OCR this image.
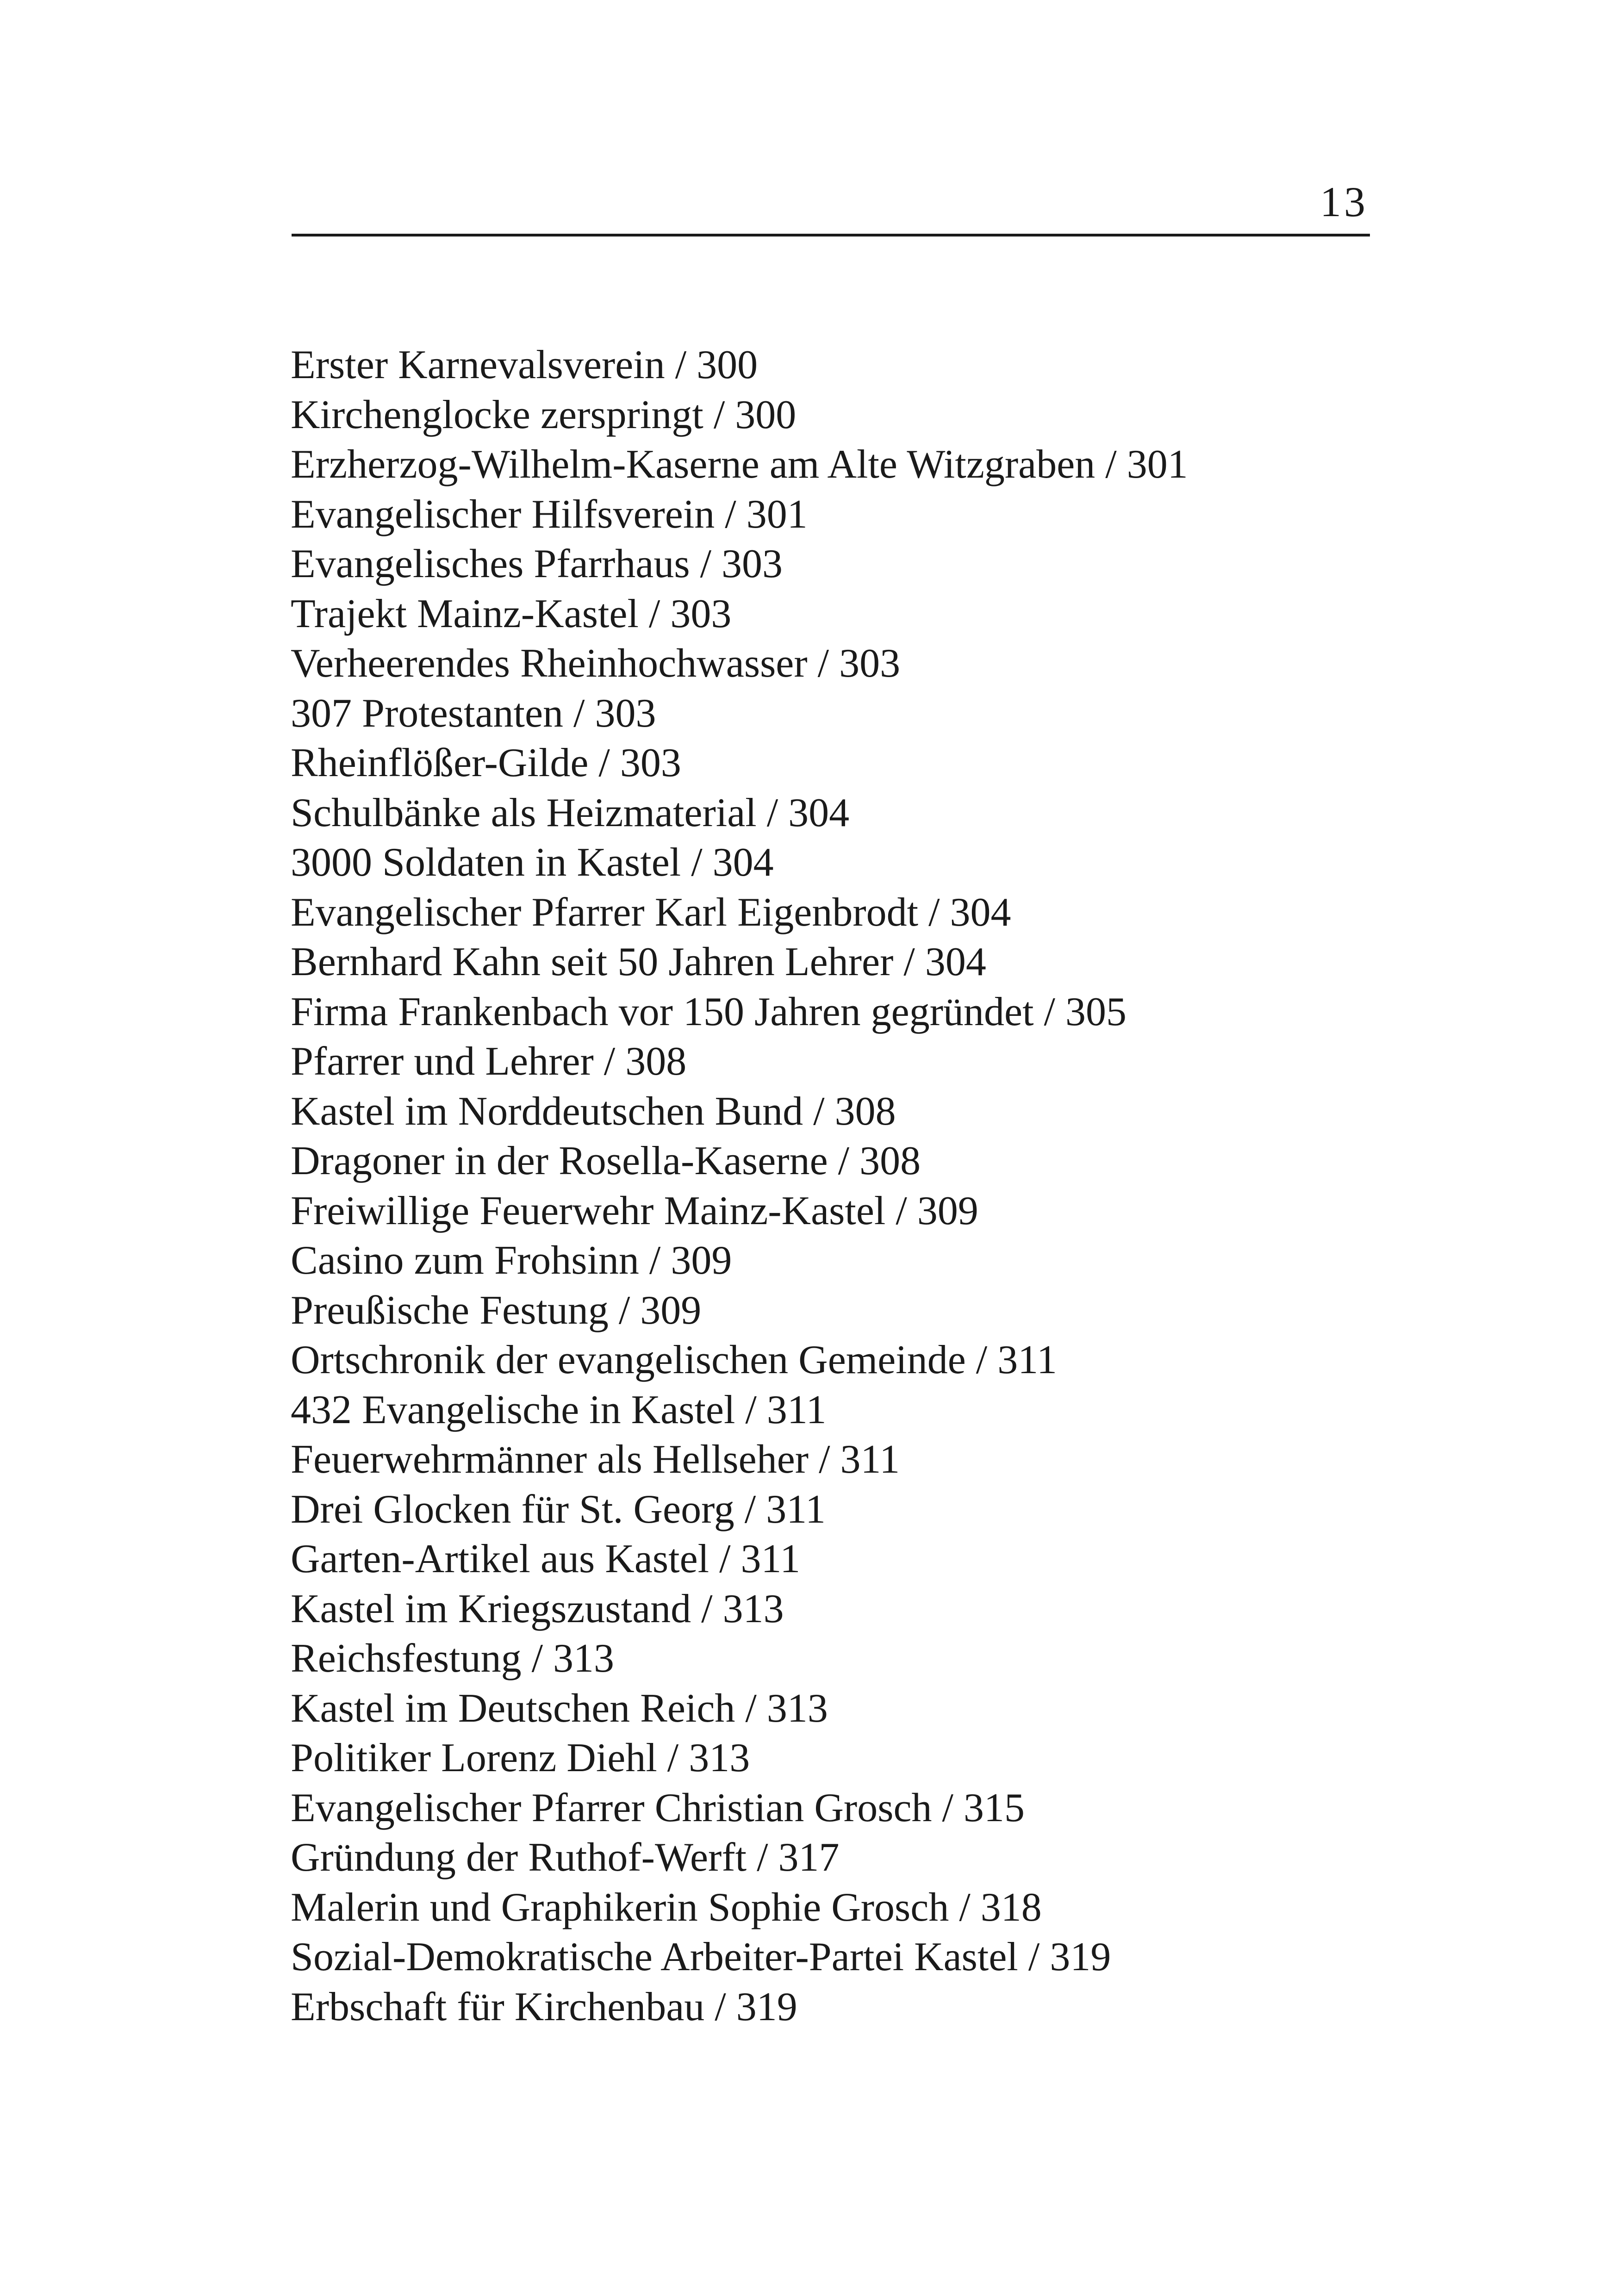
13
Erster Karnevalsverein / 300
Kirchenglocke zerspringt / 300
Erzherzog-Wilhelm-Kaserne am Alte Witzgraben / 301
Evangelischer Hilfsverein / 301
Evangelisches Pfarrhaus / 303
Trajekt Mainz-Kastel / 303
Verheerendes Rheinhochwasser / 303
307 Protestanten / 303
Rheinflößer-Gilde / 303
Schulbänke als Heizmaterial / 304
3000 Soldaten in Kastel / 304
Evangelischer Pfarrer Karl Eigenbrodt / 304
Bernhard Kahn seit 50 Jahren Lehrer / 304
Firma Frankenbach vor 150 Jahren gegründet / 305
Pfarrer und Lehrer / 308
Kastel im Norddeutschen Bund / 308
Dragoner in der Rosella-Kaserne / 308
Freiwillige Feuerwehr Mainz-Kastel / 309
Casino zum Frohsinn / 309
Preußische Festung / 309
Ortschronik der evangelischen Gemeinde / 311
432 Evangelische in Kastel / 311
Feuerwehrmänner als Hellseher / 311
Drei Glocken für St. Georg / 311
Garten-Artikel aus Kastel / 311
Kastel im Kriegszustand / 313
Reichsfestung / 313
Kastel im Deutschen Reich / 313
Politiker Lorenz Diehl / 313
Evangelischer Pfarrer Christian Grosch / 315
Gründung der Ruthof-Werft / 317
Malerin und Graphikerin Sophie Grosch / 318
Sozial-Demokratische Arbeiter-Partei Kastel / 319
Erbschaft für Kirchenbau / 319
